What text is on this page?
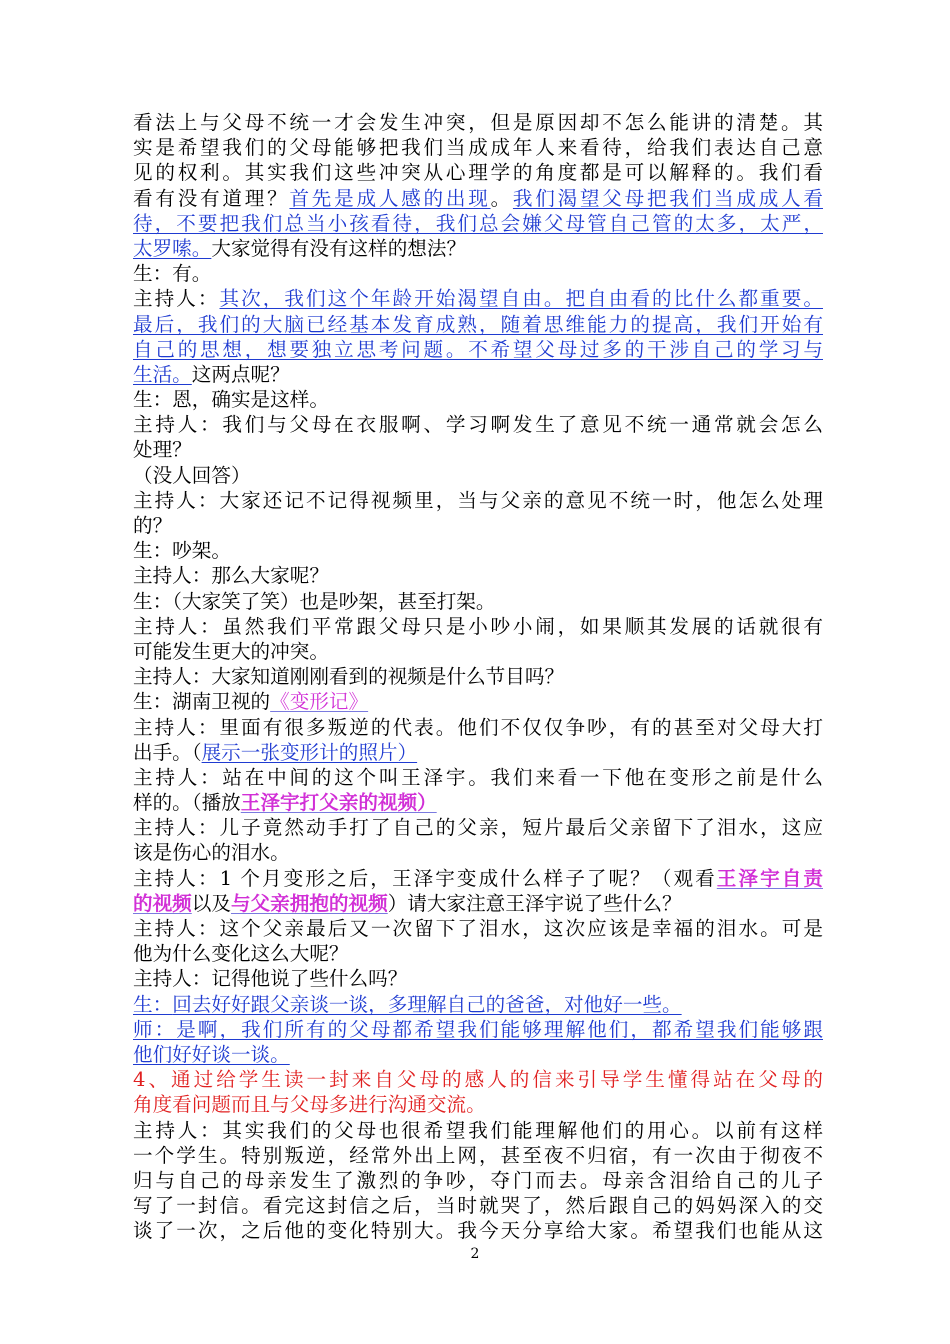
看法上与父母不统一才会发生冲突，但是原因却不怎么能讲的清楚。其
实是希望我们的父母能够把我们当成成年人来看待，给我们表达自己意
见的权利。其实我们这些冲突从心理学的角度都是可以解释的。我们看
看有没有道理？首先是成人感的出现。我们渴望父母把我们当成成人看
待，不要把我们总当小孩看待，我们总会嫌父母管自己管的太多，太严，
太罗嗦。大家觉得有没有这样的想法？
生：有。
主持人：其次，我们这个年龄开始渴望自由。把自由看的比什么都重要。
最后，我们的大脑已经基本发育成熟，随着思维能力的提高，我们开始有
自己的思想，想要独立思考问题。不希望父母过多的干涉自己的学习与
生活。这两点呢？
生：恩，确实是这样。
主持人：我们与父母在衣服啊、学习啊发生了意见不统一通常就会怎么
处理？
（没人回答）
主持人：大家还记不记得视频里，当与父亲的意见不统一时，他怎么处理
的？
生：吵架。
主持人：那么大家呢？
生：（大家笑了笑）也是吵架，甚至打架。
主持人：虽然我们平常跟父母只是小吵小闹，如果顺其发展的话就很有
可能发生更大的冲突。
主持人：大家知道刚刚看到的视频是什么节目吗？
生：湖南卫视的《变形记》
主持人：里面有很多叛逆的代表。他们不仅仅争吵，有的甚至对父母大打
出手。（展示一张变形计的照片）
主持人：站在中间的这个叫王泽宇。我们来看一下他在变形之前是什么
样的。（播放王泽宇打父亲的视频）
主持人：儿子竟然动手打了自己的父亲，短片最后父亲留下了泪水，这应
该是伤心的泪水。
主持人：1 个月变形之后，王泽宇变成什么样子了呢？（观看王泽宇自责
的视频以及与父亲拥抱的视频）请大家注意王泽宇说了些什么？
主持人：这个父亲最后又一次留下了泪水，这次应该是幸福的泪水。可是
他为什么变化这么大呢？
主持人：记得他说了些什么吗？
生：回去好好跟父亲谈一谈，多理解自己的爸爸，对他好一些。
师：是啊，我们所有的父母都希望我们能够理解他们，都希望我们能够跟
他们好好谈一谈。
4、通过给学生读一封来自父母的感人的信来引导学生懂得站在父母的
角度看问题而且与父母多进行沟通交流。
主持人：其实我们的父母也很希望我们能理解他们的用心。以前有这样
一个学生。特别叛逆，经常外出上网，甚至夜不归宿，有一次由于彻夜不
归与自己的母亲发生了激烈的争吵，夺门而去。母亲含泪给自己的儿子
写了一封信。看完这封信之后，当时就哭了，然后跟自己的妈妈深入的交
谈了一次，之后他的变化特别大。我今天分享给大家。希望我们也能从这
2
